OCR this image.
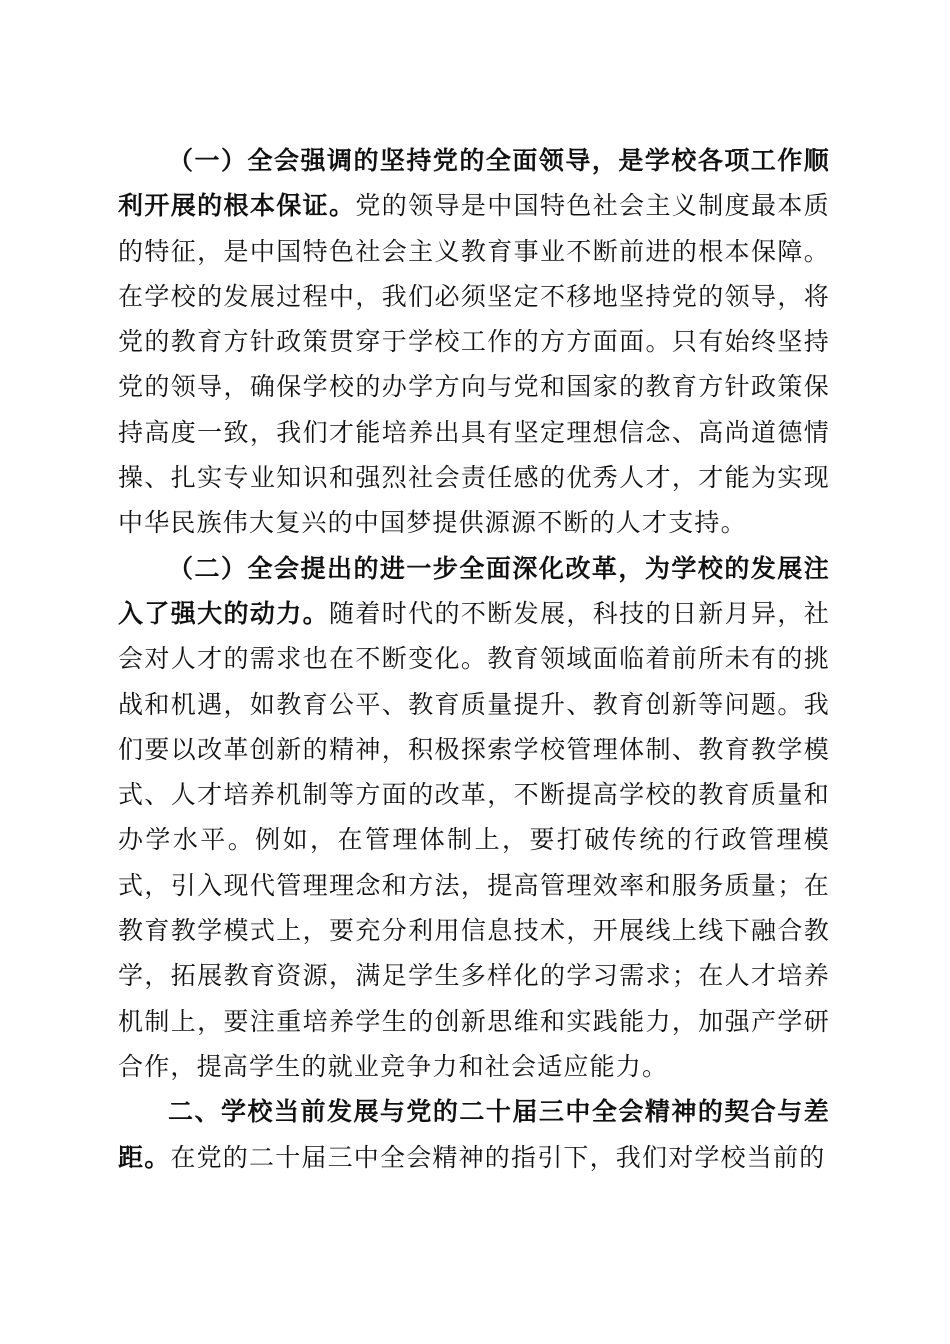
（一）全会强调的坚持党的全面领导，是学校各项工作顺利开展的根本保证。党的领导是中国特色社会主义制度最本质的特征，是中国特色社会主义教育事业不断前进的根本保障。在学校的发展过程中，我们必须坚定不移地坚持党的领导，将党的教育方针政策贯穿于学校工作的方方面面。只有始终坚持党的领导，确保学校的办学方向与党和国家的教育方针政策保持高度一致，我们才能培养出具有坚定理想信念、高尚道德情操、扎实专业知识和强烈社会责任感的优秀人才，才能为实现中华民族伟大复兴的中国梦提供源源不断的人才支持。

（二）全会提出的进一步全面深化改革，为学校的发展注入了强大的动力。随着时代的不断发展，科技的日新月异，社会对人才的需求也在不断变化。教育领域面临着前所未有的挑战和机遇，如教育公平、教育质量提升、教育创新等问题。我们要以改革创新的精神，积极探索学校管理体制、教育教学模式、人才培养机制等方面的改革，不断提高学校的教育质量和办学水平。例如，在管理体制上，要打破传统的行政管理模式，引入现代管理理念和方法，提高管理效率和服务质量；在教育教学模式上，要充分利用信息技术，开展线上线下融合教学，拓展教育资源，满足学生多样化的学习需求；在人才培养机制上，要注重培养学生的创新思维和实践能力，加强产学研合作，提高学生的就业竞争力和社会适应能力。

二、学校当前发展与党的二十届三中全会精神的契合与差距。在党的二十届三中全会精神的指引下，我们对学校当前的
